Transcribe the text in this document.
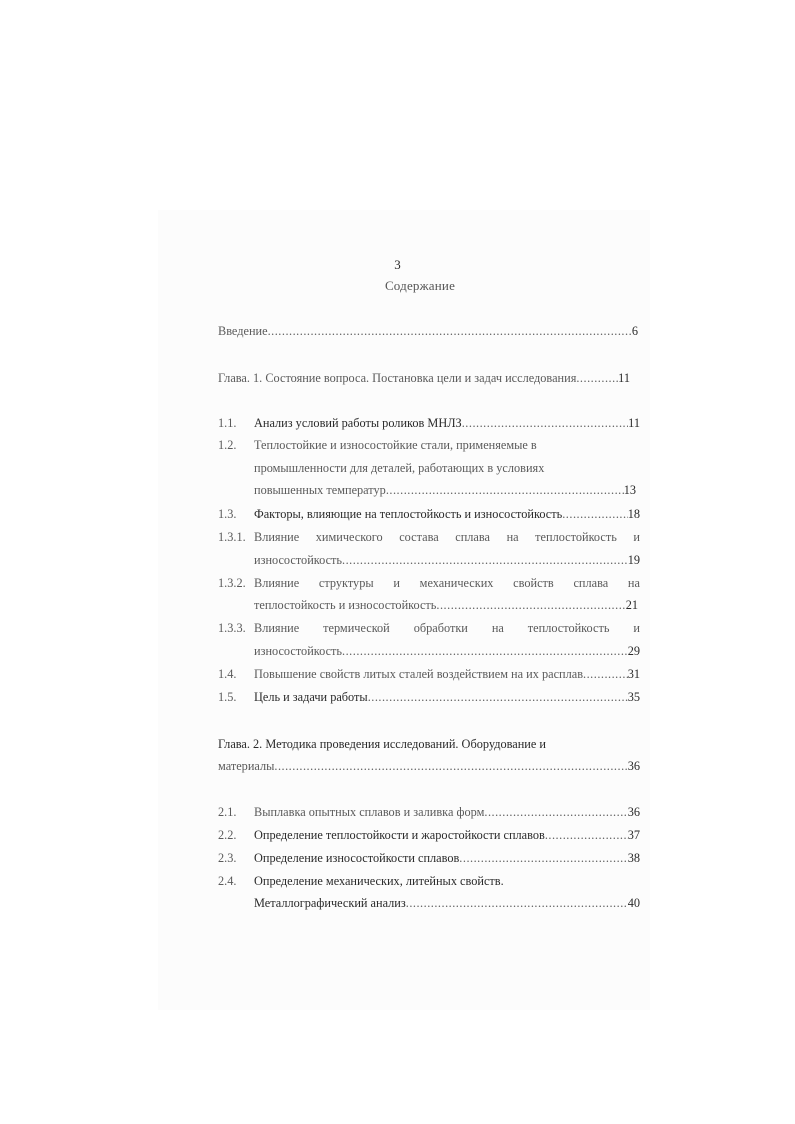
3
Содержание
Введение .....	6
Глава. 1. Состояние вопроса. Постановка цели и задач исследования .....	11
1.1. Анализ условий работы роликов МНЛЗ .....	11
1.2. Теплостойкие и износостойкие стали, применяемые в
промышленности для деталей, работающих в условиях
повышенных температур .....	13
1.3. Факторы, влияющие на теплостойкость и износостойкость .....	18
1.3.1. Влияние химического состава сплава на теплостойкость и
износостойкость .....	19
1.3.2. Влияние структуры и механических свойств сплава на
теплостойкость и износостойкость .....	21
1.3.3. Влияние термической обработки на теплостойкость и
износостойкость .....	29
1.4. Повышение свойств литых сталей воздействием на их расплав .....	31
1.5. Цель и задачи работы .....	35
Глава. 2. Методика проведения исследований. Оборудование и
материалы .....	36
2.1. Выплавка опытных сплавов и заливка форм .....	36
2.2. Определение теплостойкости и жаростойкости сплавов .....	37
2.3. Определение износостойкости сплавов .....	38
2.4. Определение механических, литейных свойств.
Металлографический анализ .....	40
